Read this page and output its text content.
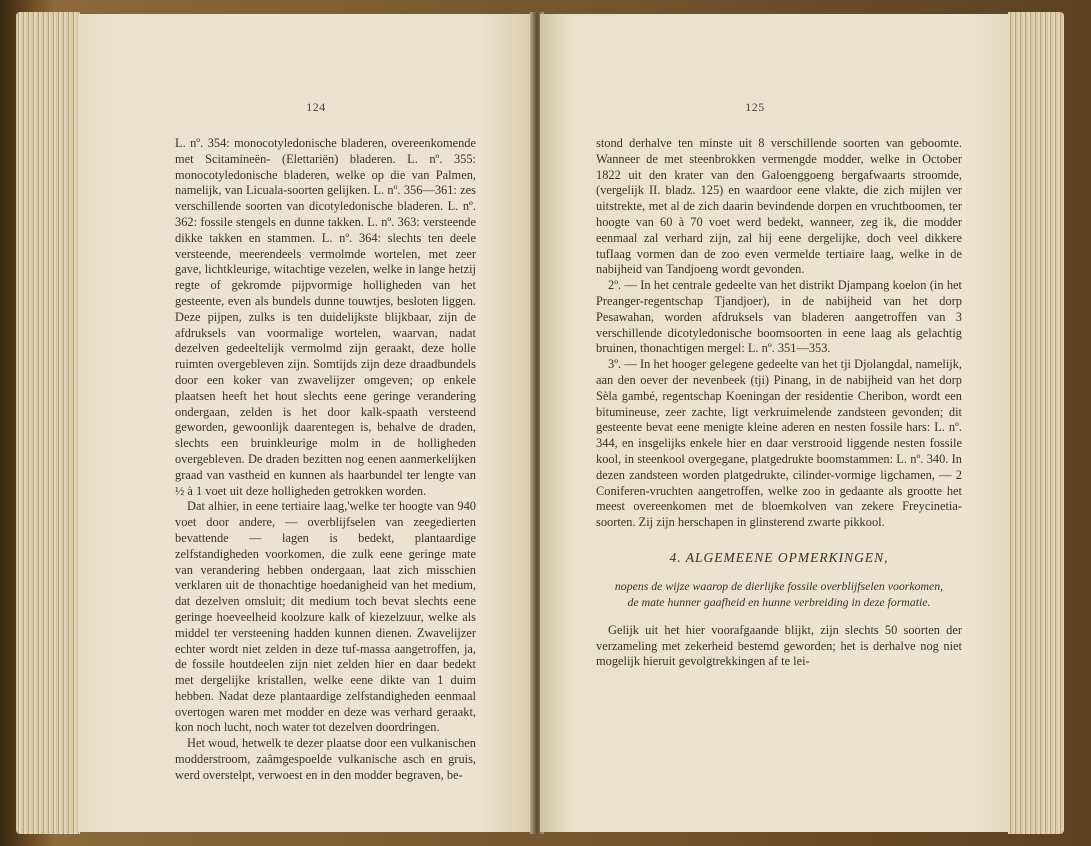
124

L. nº. 354: monocotyledonische bladeren, overeenkomende met Scitamineën- (Elettariën) bladeren. L. nº. 355: monocotyledonische bladeren, welke op die van Palmen, namelijk, van Licuala-soorten gelijken. L. nº. 356—361: zes verschillende soorten van dicotyledonische bladeren. L. nº. 362: fossile stengels en dunne takken. L. nº. 363: versteende dikke takken en stammen. L. nº. 364: slechts ten deele versteende, meerendeels vermolmde wortelen, met zeer gave, lichtkleurige, witachtige vezelen, welke in lange hetzij regte of gekromde pijpvormige holligheden van het gesteente, even als bundels dunne touwtjes, besloten liggen. Deze pijpen, zulks is ten duidelijkste blijkbaar, zijn de afdruksels van voormalige wortelen, waarvan, nadat dezelven gedeeltelijk vermolmd zijn geraakt, deze holle ruimten overgebleven zijn. Somtijds zijn deze draadbundels door een koker van zwavelijzer omgeven; op enkele plaatsen heeft het hout slechts eene geringe verandering ondergaan, zelden is het door kalk-spaath versteend geworden, gewoonlijk daarentegen is, behalve de draden, slechts een bruinkleurige molm in de holligheden overgebleven. De draden bezitten nog eenen aanmerkelijken graad van vastheid en kunnen als haarbundel ter lengte van ½ à 1 voet uit deze holligheden getrokken worden.

Dat alhier, in eene tertiaire laag,'welke ter hoogte van 940 voet door andere, — overblijfselen van zeegedierten bevattende — lagen is bedekt, plantaardige zelfstandigheden voorkomen, die zulk eene geringe mate van verandering hebben ondergaan, laat zich misschien verklaren uit de thonachtige hoedanigheid van het medium, dat dezelven omsluit; dit medium toch bevat slechts eene geringe hoeveelheid koolzure kalk of kiezelzuur, welke als middel ter versteening hadden kunnen dienen. Zwavelijzer echter wordt niet zelden in deze tuf-massa aangetroffen, ja, de fossile houtdeelen zijn niet zelden hier en daar bedekt met dergelijke kristallen, welke eene dikte van 1 duim hebben. Nadat deze plantaardige zelfstandigheden eenmaal overtogen waren met modder en deze was verhard geraakt, kon noch lucht, noch water tot dezelven doordringen.

Het woud, hetwelk te dezer plaatse door een vulkanischen modderstroom, zaâmgespoelde vulkanische asch en gruis, werd overstelpt, verwoest en in den modder begraven, be-

125

stond derhalve ten minste uit 8 verschillende soorten van geboomte. Wanneer de met steenbrokken vermengde modder, welke in October 1822 uit den krater van den Galoenggoeng bergafwaarts stroomde, (vergelijk II. bladz. 125) en waardoor eene vlakte, die zich mijlen ver uitstrekte, met al de zich daarin bevindende dorpen en vruchtboomen, ter hoogte van 60 à 70 voet werd bedekt, wanneer, zeg ik, die modder eenmaal zal verhard zijn, zal hij eene dergelijke, doch veel dikkere tufIaag vormen dan de zoo even vermelde tertiaire laag, welke in de nabijheid van Tandjoeng wordt gevonden.

2º. — In het centrale gedeelte van het distrikt Djampang koelon (in het Preanger-regentschap Tjandjoer), in de nabijheid van het dorp Pesawahan, worden afdruksels van bladeren aangetroffen van 3 verschillende dicotyledonische boomsoorten in eene laag als gelachtig bruinen, thonachtigen mergel: L. nº. 351—353.

3º. — In het hooger gelegene gedeelte van het tji Djolangdal, namelijk, aan den oever der nevenbeek (tji) Pinang, in de nabijheid van het dorp Sèla gambé, regentschap Koeningan der residentie Cheribon, wordt een bitumineuse, zeer zachte, ligt verkruimelende zandsteen gevonden; dit gesteente bevat eene menigte kleine aderen en nesten fossile hars: L. nº. 344, en insgelijks enkele hier en daar verstrooid liggende nesten fossile kool, in steenkool overgegane, platgedrukte boomstammen: L. nº. 340. In dezen zandsteen worden platgedrukte, cilinder-vormige ligchamen, — 2 Coniferen-vruchten aangetroffen, welke zoo in gedaante als grootte het meest overeenkomen met de bloemkolven van zekere Freycinetia-soorten. Zij zijn herschapen in glinsterend zwarte pikkool.

4. ALGEMEENE OPMERKINGEN,
nopens de wijze waarop de dierlijke fossile overblijfselen voorkomen,
de mate hunner gaafheid en hunne verbreiding in deze formatie.

Gelijk uit het hier voorafgaande blijkt, zijn slechts 50 soorten der verzameling met zekerheid bestemd geworden; het is derhalve nog niet mogelijk hieruit gevolgtrekkingen af te lei-
